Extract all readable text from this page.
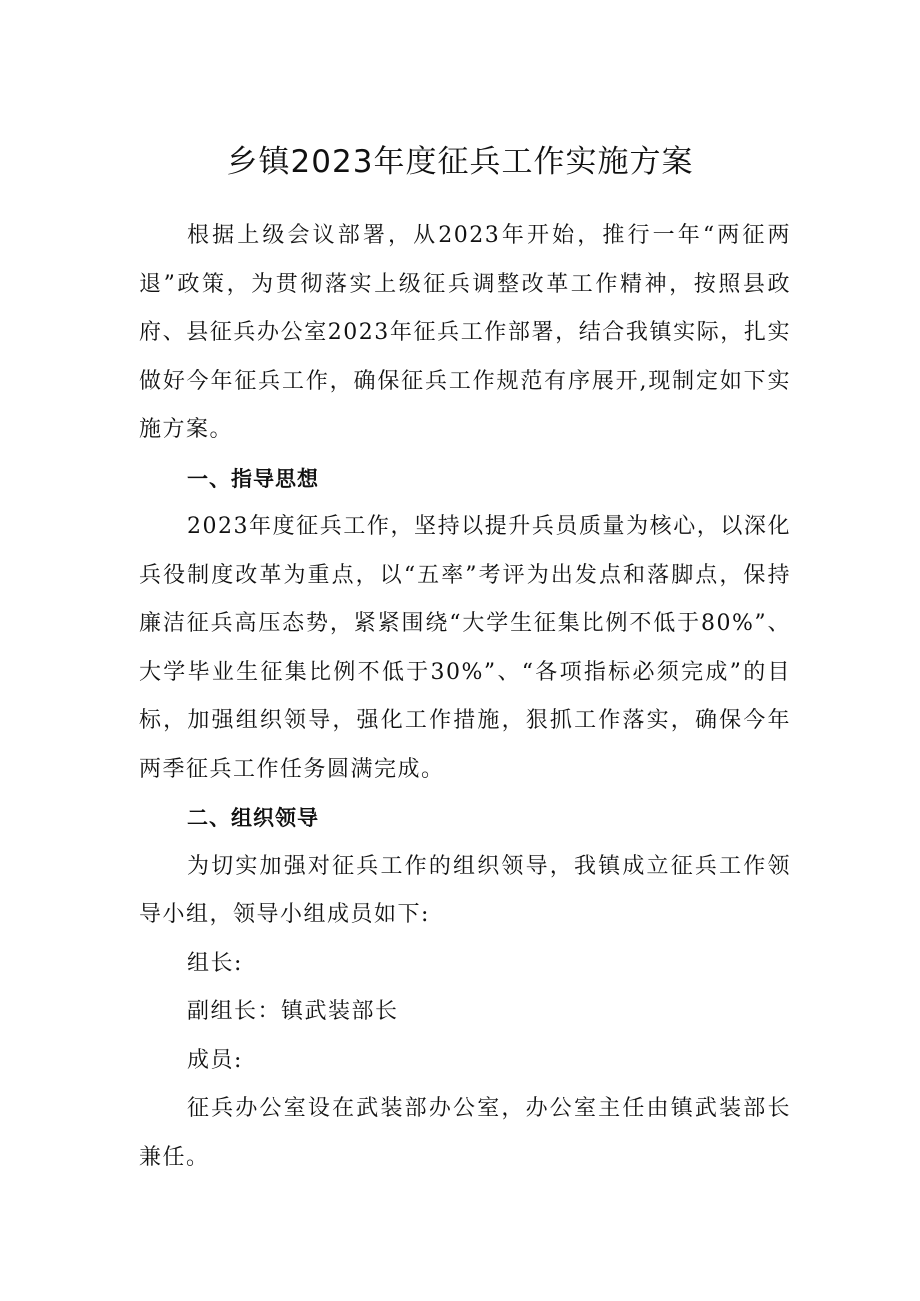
乡镇2023年度征兵工作实施方案

根据上级会议部署，从2023年开始，推行一年“两征两退”政策，为贯彻落实上级征兵调整改革工作精神，按照县政府、县征兵办公室2023年征兵工作部署，结合我镇实际，扎实做好今年征兵工作，确保征兵工作规范有序展开,现制定如下实施方案。

一、指导思想

2023年度征兵工作，坚持以提升兵员质量为核心，以深化兵役制度改革为重点，以“五率”考评为出发点和落脚点，保持廉洁征兵高压态势，紧紧围绕“大学生征集比例不低于80%”、大学毕业生征集比例不低于30%”、“各项指标必须完成”的目标，加强组织领导，强化工作措施，狠抓工作落实，确保今年两季征兵工作任务圆满完成。

二、组织领导

为切实加强对征兵工作的组织领导，我镇成立征兵工作领导小组，领导小组成员如下:

组长:

副组长：镇武装部长

成员:

征兵办公室设在武装部办公室，办公室主任由镇武装部长兼任。
